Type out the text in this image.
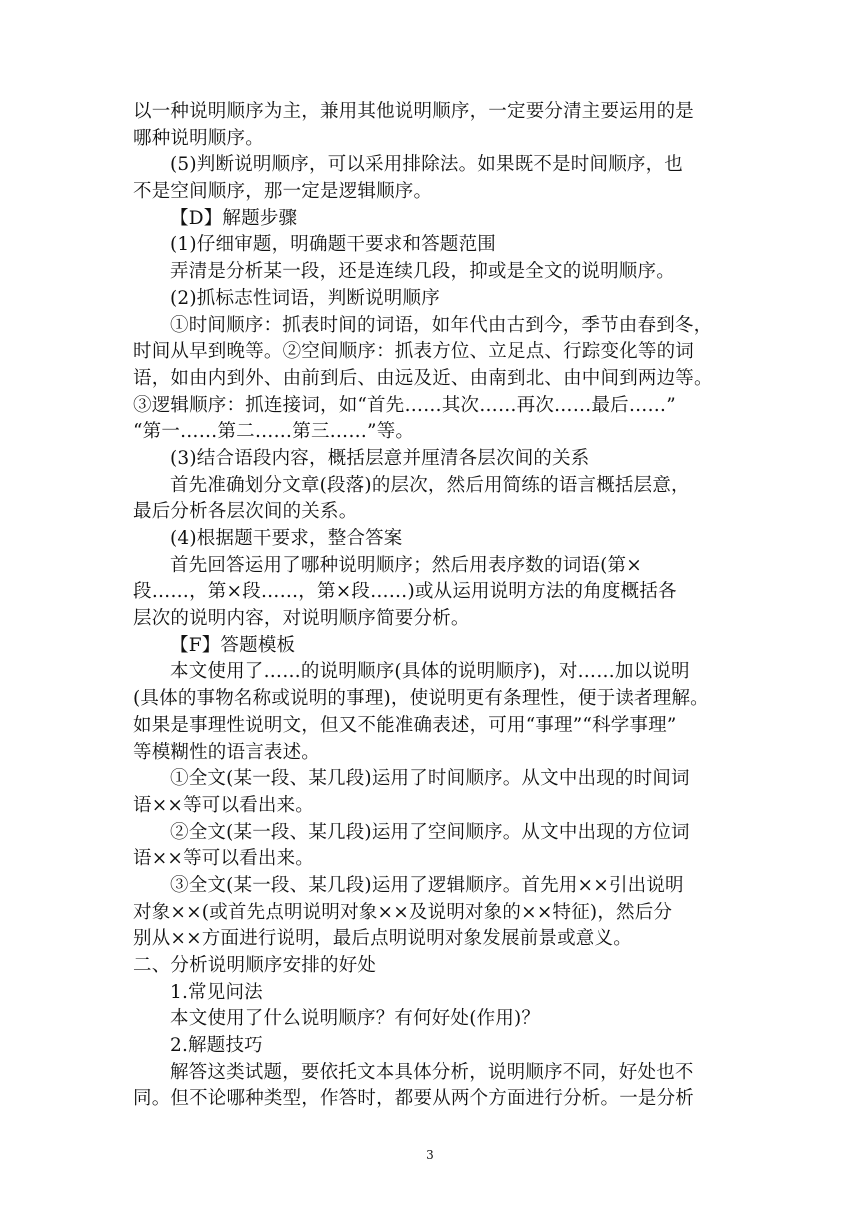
以一种说明顺序为主，兼用其他说明顺序，一定要分清主要运用的是
哪种说明顺序。
(5)判断说明顺序，可以采用排除法。如果既不是时间顺序，也
不是空间顺序，那一定是逻辑顺序。
【D】解题步骤
(1)仔细审题，明确题干要求和答题范围
弄清是分析某一段，还是连续几段，抑或是全文的说明顺序。
(2)抓标志性词语，判断说明顺序
①时间顺序：抓表时间的词语，如年代由古到今，季节由春到冬，
时间从早到晚等。②空间顺序：抓表方位、立足点、行踪变化等的词
语，如由内到外、由前到后、由远及近、由南到北、由中间到两边等。
③逻辑顺序：抓连接词，如“首先……其次……再次……最后……”
“第一……第二……第三……”等。
(3)结合语段内容，概括层意并厘清各层次间的关系
首先准确划分文章(段落)的层次，然后用简练的语言概括层意，
最后分析各层次间的关系。
(4)根据题干要求，整合答案
首先回答运用了哪种说明顺序；然后用表序数的词语(第×
段……，第×段……，第×段……)或从运用说明方法的角度概括各
层次的说明内容，对说明顺序简要分析。
【F】答题模板
本文使用了……的说明顺序(具体的说明顺序)，对……加以说明
(具体的事物名称或说明的事理)，使说明更有条理性，便于读者理解。
如果是事理性说明文，但又不能准确表述，可用“事理”“科学事理”
等模糊性的语言表述。
①全文(某一段、某几段)运用了时间顺序。从文中出现的时间词
语××等可以看出来。
②全文(某一段、某几段)运用了空间顺序。从文中出现的方位词
语××等可以看出来。
③全文(某一段、某几段)运用了逻辑顺序。首先用××引出说明
对象××(或首先点明说明对象××及说明对象的××特征)，然后分
别从××方面进行说明，最后点明说明对象发展前景或意义。
二、分析说明顺序安排的好处
1.常见问法
本文使用了什么说明顺序？有何好处(作用)？
2.解题技巧
解答这类试题，要依托文本具体分析，说明顺序不同，好处也不
同。但不论哪种类型，作答时，都要从两个方面进行分析。一是分析
3
